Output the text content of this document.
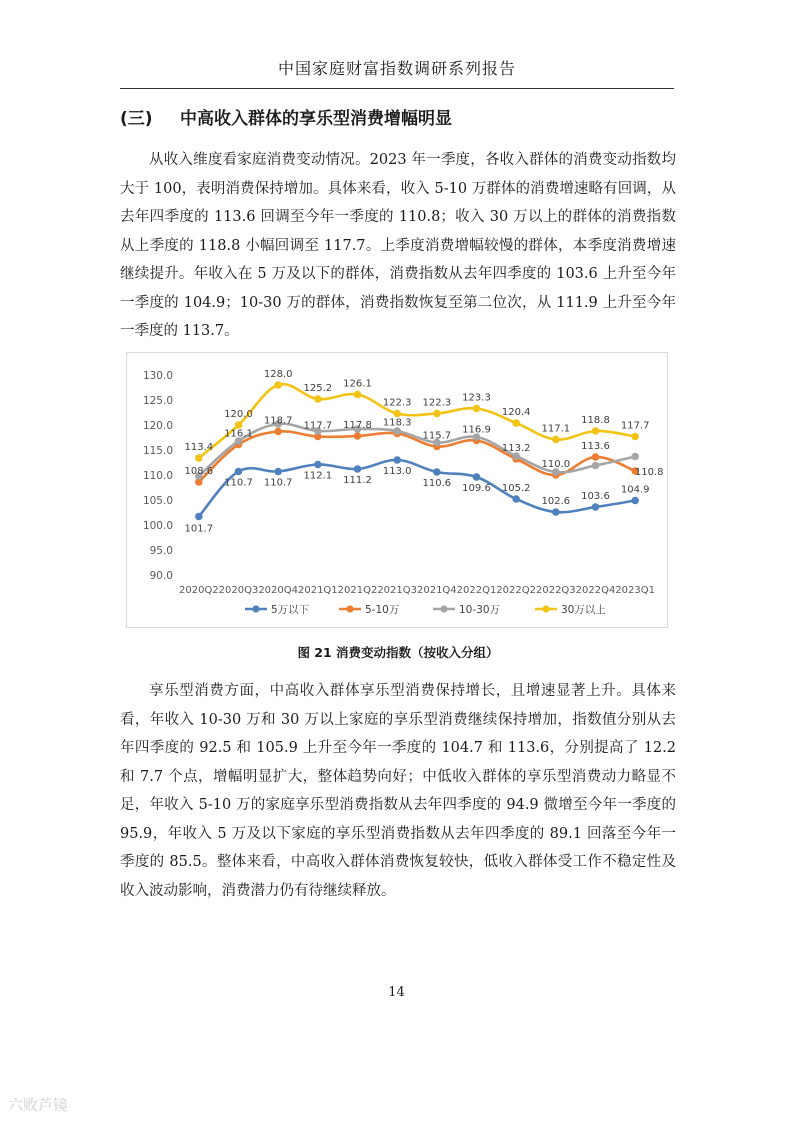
中国家庭财富指数调研系列报告
(三) 中高收入群体的享乐型消费增幅明显

从收入维度看家庭消费变动情况。2023 年一季度，各收入群体的消费变动指数均大于 100，表明消费保持增加。具体来看，收入 5-10 万群体的消费增速略有回调，从去年四季度的 113.6 回调至今年一季度的 110.8；收入 30 万以上的群体的消费指数从上季度的 118.8 小幅回调至 117.7。上季度消费增幅较慢的群体，本季度消费增速继续提升。年收入在 5 万及以下的群体，消费指数从去年四季度的 103.6 上升至今年一季度的 104.9；10-30 万的群体，消费指数恢复至第二位次，从 111.9 上升至今年一季度的 113.7。

90.0
95.0
100.0
105.0
110.0
115.0
120.0
125.0
130.0
2020Q2 2020Q3 2020Q4 2021Q1 2021Q2 2021Q3 2021Q4 2022Q1 2022Q2 2022Q3 2022Q4 2023Q1
101.7
110.7 110.7
112.1 111.2
113.0
110.6 109.6 105.2
102.6 103.6
104.9
108.6
116.1
118.7 117.7 117.8 118.3
115.7
116.9
113.2
110.0
113.6
110.8
113.4
120.0
128.0
125.2 126.1
122.3 122.3 123.3
120.4
117.1
118.8 117.7
5万以下	5-10万	10-30万	30万以上
图 21 消费变动指数（按收入分组）

享乐型消费方面，中高收入群体享乐型消费保持增长，且增速显著上升。具体来看，年收入 10-30 万和 30 万以上家庭的享乐型消费继续保持增加，指数值分别从去年四季度的 92.5 和 105.9 上升至今年一季度的 104.7 和 113.6，分别提高了 12.2 和 7.7 个点，增幅明显扩大，整体趋势向好；中低收入群体的享乐型消费动力略显不足，年收入 5-10 万的家庭享乐型消费指数从去年四季度的 94.9 微增至今年一季度的 95.9，年收入 5 万及以下家庭的享乐型消费指数从去年四季度的 89.1 回落至今年一季度的 85.5。整体来看，中高收入群体消费恢复较快，低收入群体受工作不稳定性及收入波动影响，消费潜力仍有待继续释放。

14
六败芦镜
